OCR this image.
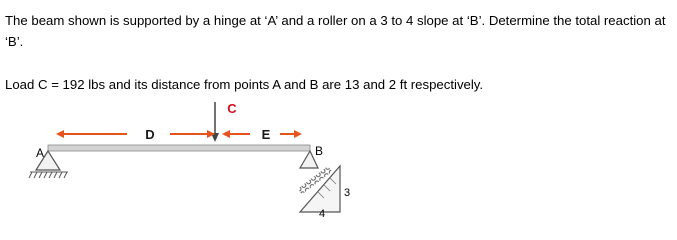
The beam shown is supported by a hinge at ‘A’ and a roller on a 3 to 4 slope at ‘B’. Determine the total reaction at ‘B’.

Load C = 192 lbs and its distance from points A and B are 13 and 2 ft respectively.

C
D	E
A	B
3
4
